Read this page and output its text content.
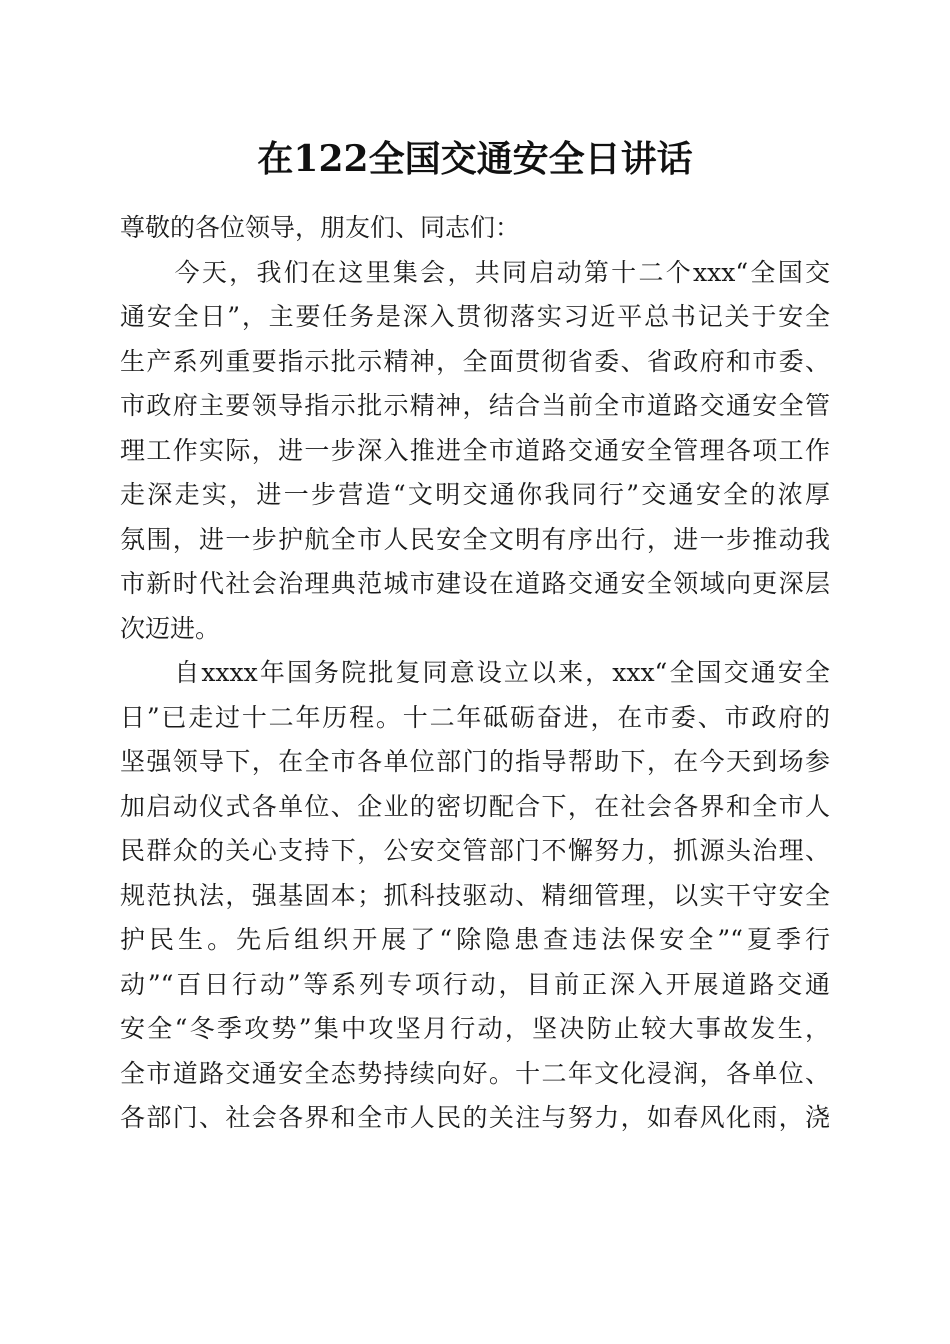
在122全国交通安全日讲话
尊敬的各位领导，朋友们、同志们：
　　今天，我们在这里集会，共同启动第十二个xxx“全国交
通安全日”，主要任务是深入贯彻落实习近平总书记关于安全
生产系列重要指示批示精神，全面贯彻省委、省政府和市委、
市政府主要领导指示批示精神，结合当前全市道路交通安全管
理工作实际，进一步深入推进全市道路交通安全管理各项工作
走深走实，进一步营造“文明交通你我同行”交通安全的浓厚
氛围，进一步护航全市人民安全文明有序出行，进一步推动我
市新时代社会治理典范城市建设在道路交通安全领域向更深层
次迈进。
　　自xxxx年国务院批复同意设立以来，xxx“全国交通安全
日”已走过十二年历程。十二年砥砺奋进，在市委、市政府的
坚强领导下，在全市各单位部门的指导帮助下，在今天到场参
加启动仪式各单位、企业的密切配合下，在社会各界和全市人
民群众的关心支持下，公安交管部门不懈努力，抓源头治理、
规范执法，强基固本；抓科技驱动、精细管理，以实干守安全
护民生。先后组织开展了“除隐患查违法保安全”“夏季行
动”“百日行动”等系列专项行动，目前正深入开展道路交通
安全“冬季攻势”集中攻坚月行动，坚决防止较大事故发生，
全市道路交通安全态势持续向好。十二年文化浸润，各单位、
各部门、社会各界和全市人民的关注与努力，如春风化雨，浇
